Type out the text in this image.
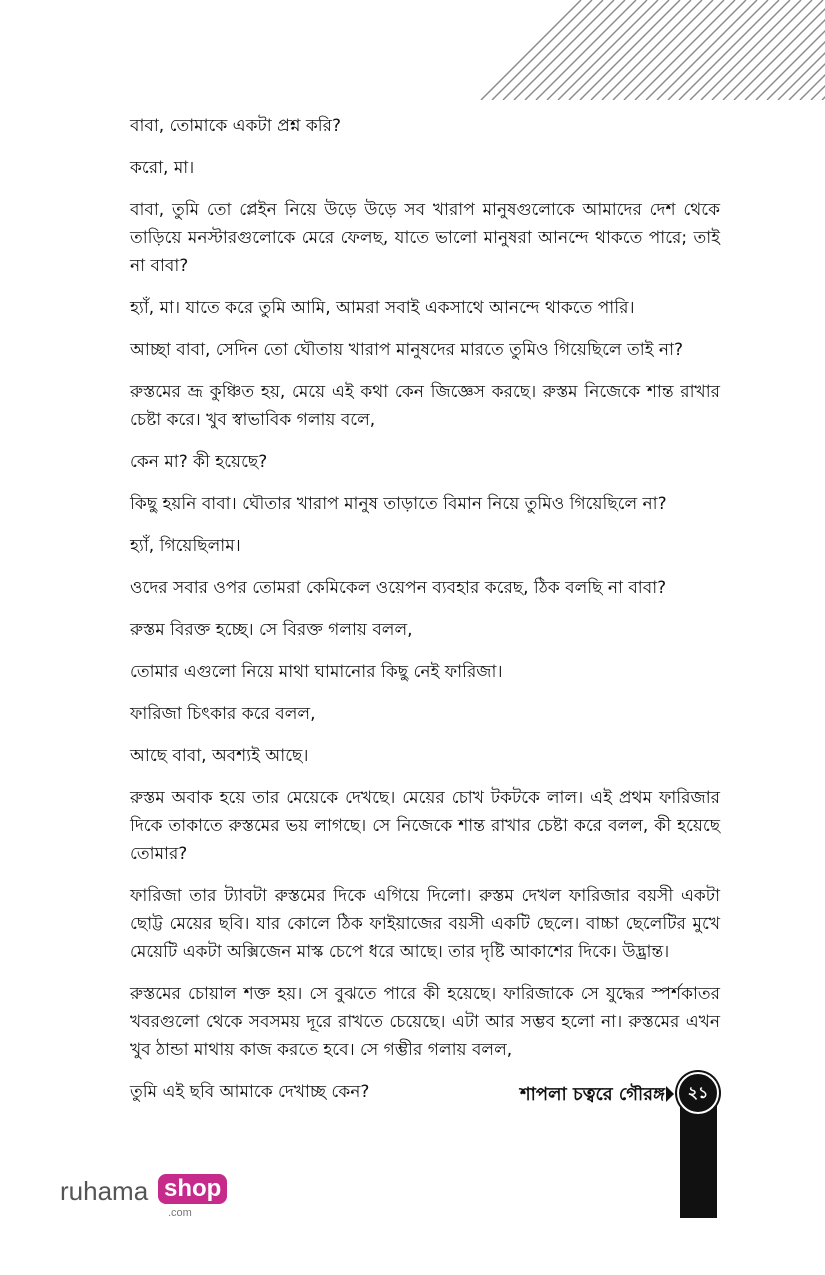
বাবা, তোমাকে একটা প্রশ্ন করি?

করো, মা।

বাবা, তুমি তো প্লেইন নিয়ে উড়ে উড়ে সব খারাপ মানুষগুলোকে আমাদের দেশ থেকে তাড়িয়ে মনস্টারগুলোকে মেরে ফেলছ, যাতে ভালো মানুষরা আনন্দে থাকতে পারে; তাই না বাবা?

হ্যাঁ, মা। যাতে করে তুমি আমি, আমরা সবাই একসাথে আনন্দে থাকতে পারি।

আচ্ছা বাবা, সেদিন তো ঘৌতায় খারাপ মানুষদের মারতে তুমিও গিয়েছিলে তাই না?

রুস্তমের ভ্রূ কুঞ্চিত হয়, মেয়ে এই কথা কেন জিজ্ঞেস করছে। রুস্তম নিজেকে শান্ত রাখার চেষ্টা করে। খুব স্বাভাবিক গলায় বলে,

কেন মা? কী হয়েছে?

কিছু হয়নি বাবা। ঘৌতার খারাপ মানুষ তাড়াতে বিমান নিয়ে তুমিও গিয়েছিলে না?

হ্যাঁ, গিয়েছিলাম।

ওদের সবার ওপর তোমরা কেমিকেল ওয়েপন ব্যবহার করেছ, ঠিক বলছি না বাবা?

রুস্তম বিরক্ত হচ্ছে। সে বিরক্ত গলায় বলল,

তোমার এগুলো নিয়ে মাথা ঘামানোর কিছু নেই ফারিজা।

ফারিজা চিৎকার করে বলল,

আছে বাবা, অবশ্যই আছে।

রুস্তম অবাক হয়ে তার মেয়েকে দেখছে। মেয়ের চোখ টকটকে লাল। এই প্রথম ফারিজার দিকে তাকাতে রুস্তমের ভয় লাগছে। সে নিজেকে শান্ত রাখার চেষ্টা করে বলল, কী হয়েছে তোমার?

ফারিজা তার ট্যাবটা রুস্তমের দিকে এগিয়ে দিলো। রুস্তম দেখল ফারিজার বয়সী একটা ছোট্ট মেয়ের ছবি। যার কোলে ঠিক ফাইয়াজের বয়সী একটি ছেলে। বাচ্চা ছেলেটির মুখে মেয়েটি একটা অক্সিজেন মাস্ক চেপে ধরে আছে। তার দৃষ্টি আকাশের দিকে। উদ্ভ্রান্ত।

রুস্তমের চোয়াল শক্ত হয়। সে বুঝতে পারে কী হয়েছে। ফারিজাকে সে যুদ্ধের স্পর্শকাতর খবরগুলো থেকে সবসময় দূরে রাখতে চেয়েছে। এটা আর সম্ভব হলো না। রুস্তমের এখন খুব ঠান্ডা মাথায় কাজ করতে হবে। সে গম্ভীর গলায় বলল,

তুমি এই ছবি আমাকে দেখাচ্ছ কেন?	শাপলা চত্বরে গৌরঙ্গ	২১
ruhama shop
.com
